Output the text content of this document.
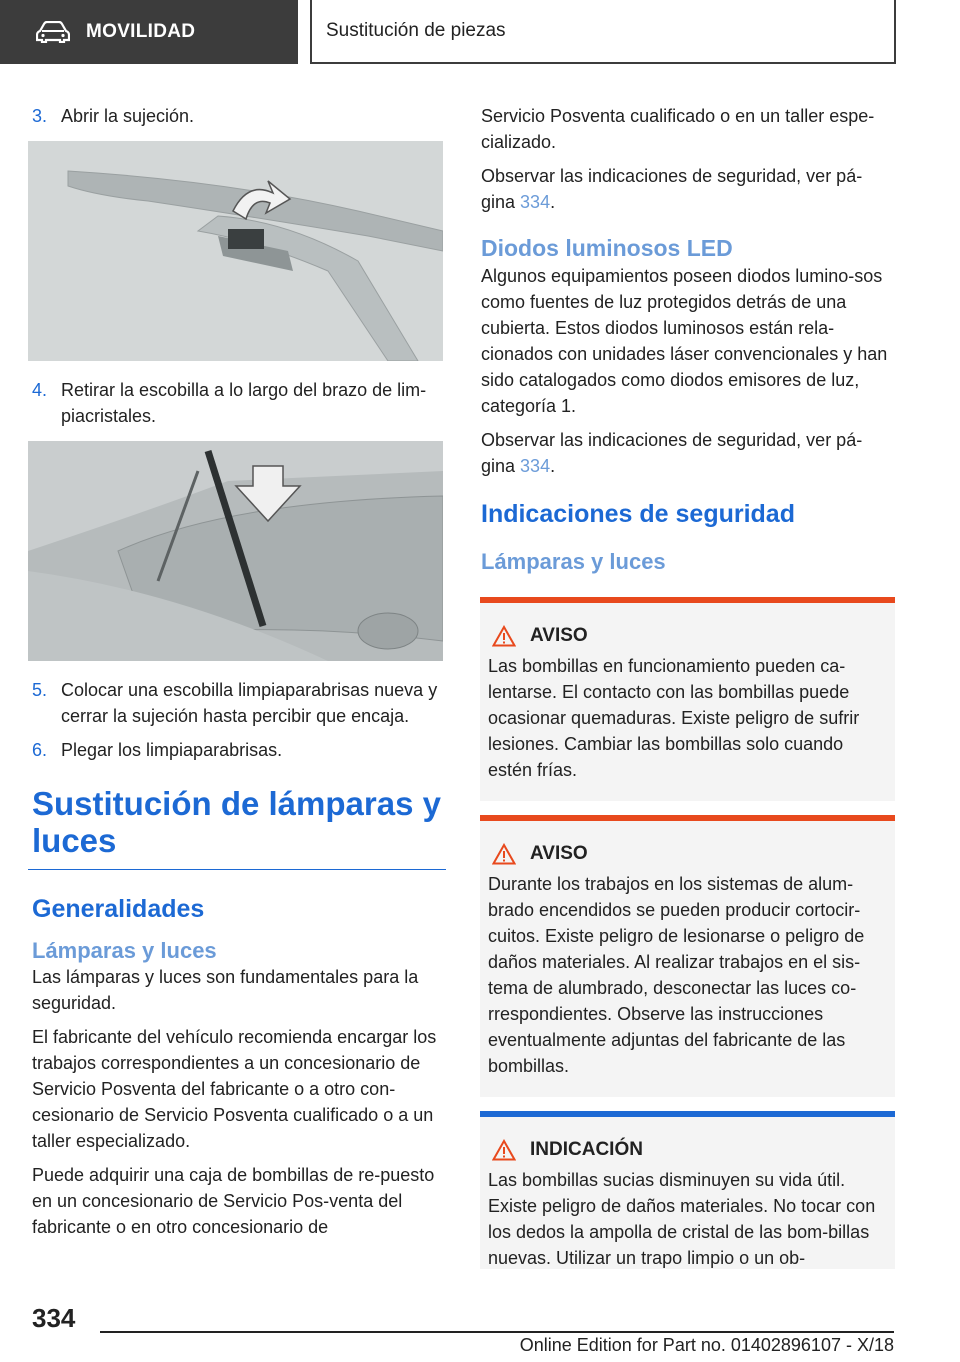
MOVILIDAD	Sustitución de piezas
3. Abrir la sujeción.
4. Retirar la escobilla a lo largo del brazo de lim‐piacristales.
5. Colocar una escobilla limpiaparabrisas nueva y cerrar la sujeción hasta percibir que encaja.
6. Plegar los limpiaparabrisas.
Sustitución de lámparas y luces
Generalidades
Lámparas y luces
Las lámparas y luces son fundamentales para la seguridad.
El fabricante del vehículo recomienda encargar los trabajos correspondientes a un concesionario de Servicio Posventa del fabricante o a otro con‐cesionario de Servicio Posventa cualificado o a un taller especializado.
Puede adquirir una caja de bombillas de re‐puesto en un concesionario de Servicio Pos‐venta del fabricante o en otro concesionario de
Servicio Posventa cualificado o en un taller espe‐cializado.
Observar las indicaciones de seguridad, ver pá‐gina 334.
Diodos luminosos LED
Algunos equipamientos poseen diodos lumino‐sos como fuentes de luz protegidos detrás de una cubierta. Estos diodos luminosos están rela‐cionados con unidades láser convencionales y han sido catalogados como diodos emisores de luz, categoría 1.
Observar las indicaciones de seguridad, ver pá‐gina 334.
Indicaciones de seguridad
Lámparas y luces
AVISO
Las bombillas en funcionamiento pueden ca‐lentarse. El contacto con las bombillas puede ocasionar quemaduras. Existe peligro de sufrir lesiones. Cambiar las bombillas solo cuando estén frías.
AVISO
Durante los trabajos en los sistemas de alum‐brado encendidos se pueden producir cortocir‐cuitos. Existe peligro de lesionarse o peligro de daños materiales. Al realizar trabajos en el sis‐tema de alumbrado, desconectar las luces co‐rrespondientes. Observe las instrucciones eventualmente adjuntas del fabricante de las bombillas.
INDICACIÓN
Las bombillas sucias disminuyen su vida útil. Existe peligro de daños materiales. No tocar con los dedos la ampolla de cristal de las bom‐billas nuevas. Utilizar un trapo limpio o un ob‐
334
Online Edition for Part no. 01402896107 - X/18
